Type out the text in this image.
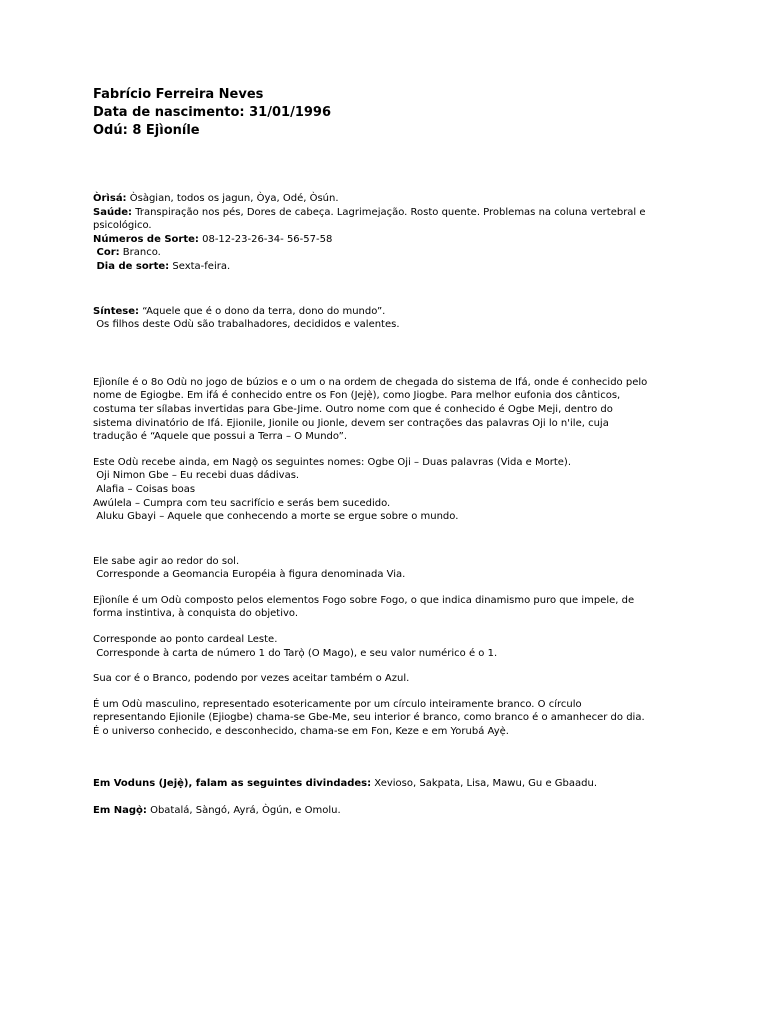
Fabrício Ferreira Neves

Data de nascimento: 31/01/1996

Odú: 8 Ejìoníle

Òrìsá: Òsàgian, todos os jagun, Òya, Odé, Òsún.

Saúde: Transpiração nos pés, Dores de cabeça. Lagrimejação. Rosto quente. Problemas na coluna vertebral e

psicológico.

Números de Sorte: 08-12-23-26-34- 56-57-58

Cor: Branco.

Dia de sorte: Sexta-feira.

Síntese: “Aquele que é o dono da terra, dono do mundo”.

Os filhos deste Odù são trabalhadores, decididos e valentes.

Ejìoníle é o 8o Odù no jogo de búzios e o um o na ordem de chegada do sistema de Ifá, onde é conhecido pelo

nome de Egiogbe. Em ifá é conhecido entre os Fon (Jejẹ̀), como Jiogbe. Para melhor eufonia dos cânticos,

costuma ter sílabas invertidas para Gbe-Jime. Outro nome com que é conhecido é Ogbe Meji, dentro do

sistema divinatório de Ifá. Ejionile, Jionile ou Jionle, devem ser contrações das palavras Oji lo n'ile, cuja

tradução é “Aquele que possui a Terra – O Mundo”.

Este Odù recebe ainda, em Nagọ̀ os seguintes nomes: Ogbe Oji – Duas palavras (Vida e Morte).

Oji Nimon Gbe – Eu recebi duas dádivas.

Alafia – Coisas boas

Awúlela – Cumpra com teu sacrifício e serás bem sucedido.

Aluku Gbayi – Aquele que conhecendo a morte se ergue sobre o mundo.

Ele sabe agir ao redor do sol.

Corresponde a Geomancia Européia à figura denominada Via.

Ejìoníle é um Odù composto pelos elementos Fogo sobre Fogo, o que indica dinamismo puro que impele, de

forma instintiva, à conquista do objetivo.

Corresponde ao ponto cardeal Leste.

Corresponde à carta de número 1 do Tarọ̀ (O Mago), e seu valor numérico é o 1.

Sua cor é o Branco, podendo por vezes aceitar também o Azul.

É um Odù masculino, representado esotericamente por um círculo inteiramente branco. O círculo

representando Ejionile (Ejiogbe) chama-se Gbe-Me, seu interior é branco, como branco é o amanhecer do dia.

É o universo conhecido, e desconhecido, chama-se em Fon, Keze e em Yorubá Ayẹ̀.

Em Voduns (Jejẹ̀), falam as seguintes divindades: Xevioso, Sakpata, Lisa, Mawu, Gu e Gbaadu.

Em Nagọ̀: Obatalá, Sàngó, Ayrá, Ògún, e Omolu.
